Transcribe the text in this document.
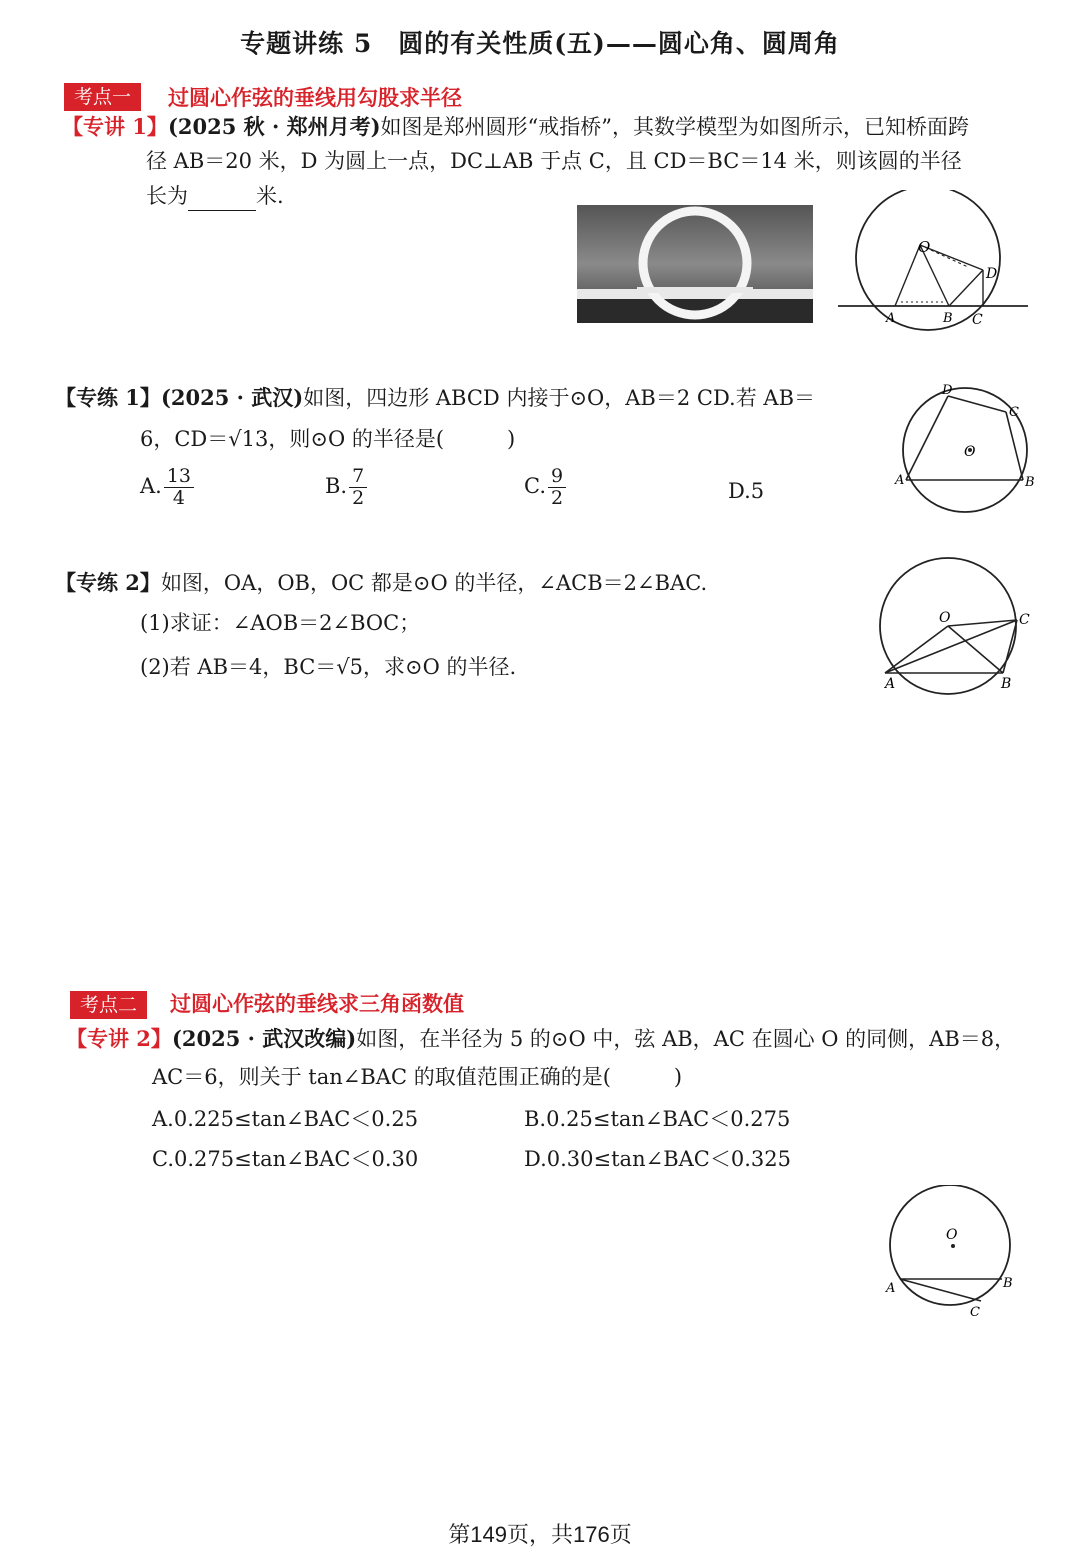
专题讲练 5　圆的有关性质(五)——圆心角、圆周角
考点一	过圆心作弦的垂线用勾股求半径
【专讲 1】(2025 秋 · 郑州月考)如图是郑州圆形“戒指桥”，其数学模型为如图所示，已知桥面跨
径 AB＝20 米，D 为圆上一点，DC⊥AB 于点 C，且 CD＝BC＝14 米，则该圆的半径
长为	米.
O
A	B C
D
【专练 1】(2025 · 武汉)如图，四边形 ABCD 内接于⊙O，AB＝2 CD.若 AB＝
6，CD＝√13，则⊙O 的半径是(　　　)
A. $\frac{13}{4}$	B. $\frac{7}{2}$	C. $\frac{9}{2}$	D.5
D
C
O
A	B
【专练 2】如图，OA，OB，OC 都是⊙O 的半径，∠ACB＝2∠BAC.
(1)求证：∠AOB＝2∠BOC；
(2)若 AB＝4，BC＝√5，求⊙O 的半径.
O
A	B
C
考点二	过圆心作弦的垂线求三角函数值
【专讲 2】(2025 · 武汉改编)如图，在半径为 5 的⊙O 中，弦 AB，AC 在圆心 O 的同侧，AB＝8，
AC＝6，则关于 tan∠BAC 的取值范围正确的是(　　　)
A.0.225≤tan∠BAC＜0.25	B.0.25≤tan∠BAC＜0.275
C.0.275≤tan∠BAC＜0.30	D.0.30≤tan∠BAC＜0.325
O
A	B
C
第149页，共176页
